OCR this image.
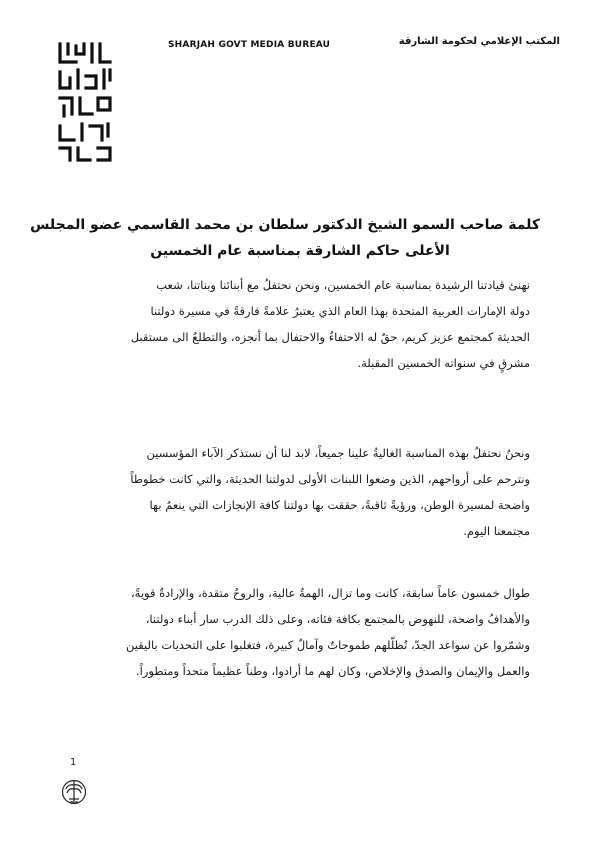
SHARJAH GOVT MEDIA BUREAU	المكتب الإعلامي لحكومة الشارقة
كلمة صاحب السمو الشيخ الدكتور سلطان بن محمد القاسمي عضو المجلس
الأعلى حاكم الشارقة بمناسبة عام الخمسين
نهنئ قيادتنا الرشيدة بمناسبة عام الخمسين، ونحن نحتفلُ مع أبنائنا وبناتنا، شعب
دولة الإمارات العربية المتحدة بهذا العام الذي يعتبرُ علامةً فارقةً في مسيرة دولتنا
الحديثة كمجتمع عزيز كريم، حقٌ له الاحتفاءُ والاحتفال بما أنجزه، والتطلعُ الى مستقبل
مشرقٍ في سنواته الخمسين المقبلة.
ونحنُ نحتفلُ بهذه المناسبة الغاليةُ علينا جميعاً، لابد لنا أن نستذكر الآباء المؤسسين
ونترحم على أرواحهم، الذين وضعوا اللبنات الأولى لدولتنا الحديثة، والتي كانت خطوطاً
واضحة لمسيرة الوطن، ورؤيةً ثاقبةً، حققت بها دولتنا كافة الإنجازات التي ينعمُ بها
مجتمعنا اليوم.
طوال خمسون عاماً سابقة، كانت وما تزال، الهمةُ عالية، والروحُ متقدة، والإرادةُ قويةً،
والأهدافُ واضحة، للنهوض بالمجتمع بكافة فئاته، وعلى ذلك الدرب سار أبناء دولتنا،
وشمّروا عن سواعد الجدّ، تُظلّلهم طموحاتٌ وآمالٌ كبيرة، فتغلبوا على التحديات باليقين
والعمل والإيمان والصدق والإخلاص، وكان لهم ما أرادوا، وطناً عظيماً متحداً ومتطوراً.
1
